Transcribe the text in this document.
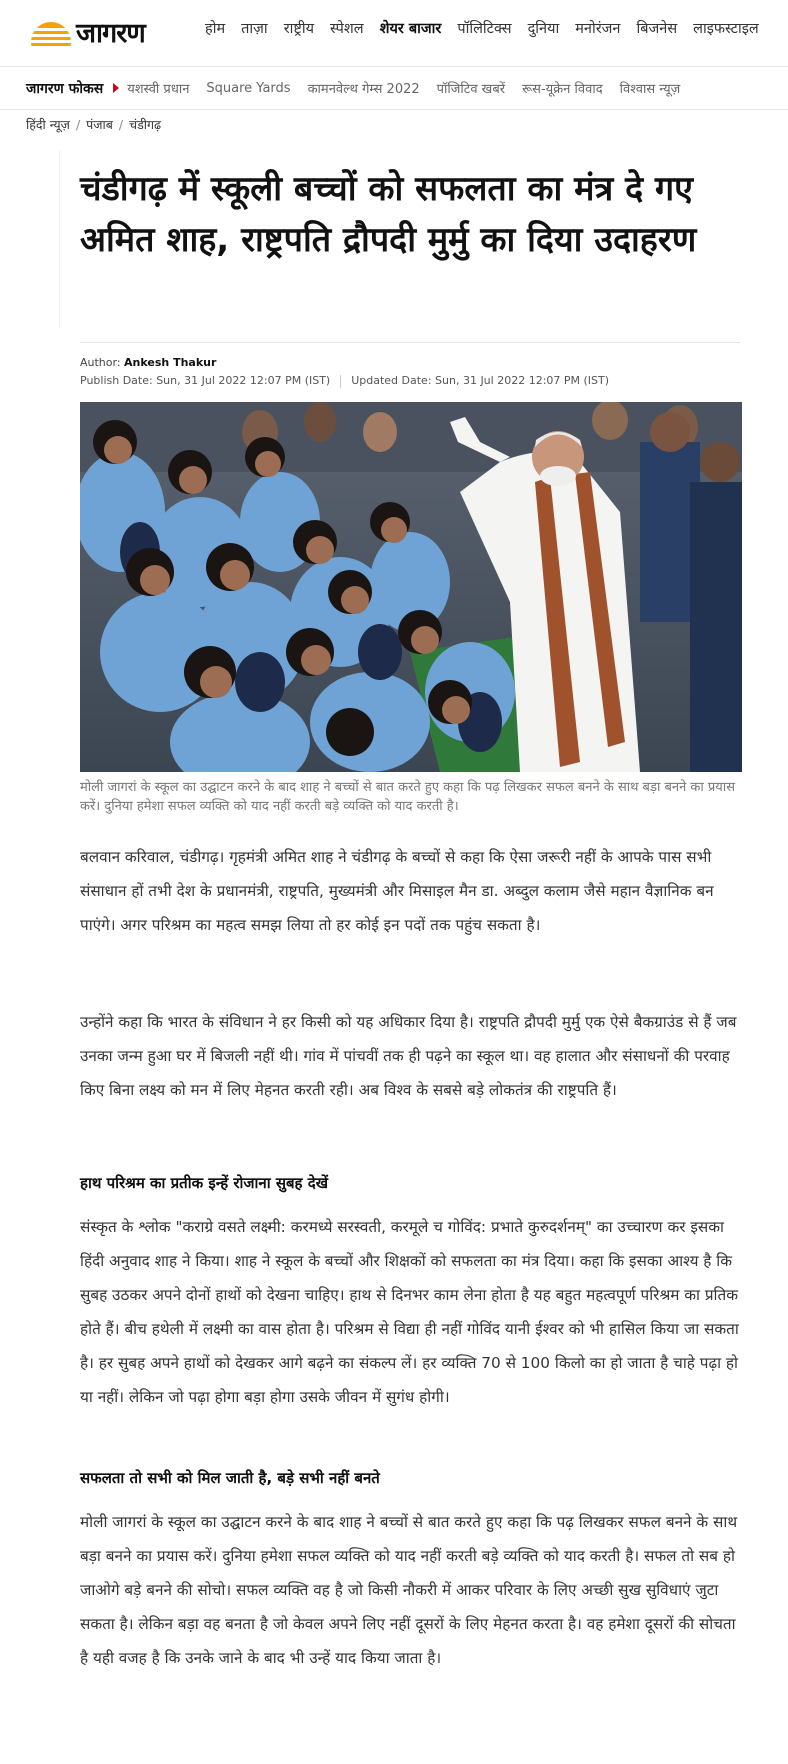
जागरण	होम ताज़ा राष्ट्रीय स्पेशल शेयर बाजार पॉलिटिक्स दुनिया मनोरंजन बिजनेस लाइफस्टाइल
जागरण फोकस यशस्वी प्रधान Square Yards कामनवेल्थ गेम्स 2022 पॉजिटिव खबरें रूस-यूक्रेन विवाद विश्वास न्यूज़
हिंदी न्यूज़ / पंजाब / चंडीगढ़
चंडीगढ़ में स्कूली बच्चों को सफलता का मंत्र दे गए अमित शाह, राष्ट्रपति द्रौपदी मुर्मु का दिया उदाहरण
Author: Ankesh Thakur
Publish Date: Sun, 31 Jul 2022 12:07 PM (IST) Updated Date: Sun, 31 Jul 2022 12:07 PM (IST)
मोली जागरां के स्कूल का उद्घाटन करने के बाद शाह ने बच्चों से बात करते हुए कहा कि पढ़ लिखकर सफल बनने के साथ बड़ा बनने का प्रयास करें। दुनिया हमेशा सफल व्यक्ति को याद नहीं करती बड़े व्यक्ति को याद करती है।

बलवान करिवाल, चंडीगढ़। गृहमंत्री अमित शाह ने चंडीगढ़ के बच्चों से कहा कि ऐसा जरूरी नहीं के आपके पास सभी संसाधान हों तभी देश के प्रधानमंत्री, राष्ट्रपति, मुख्यमंत्री और मिसाइल मैन डा. अब्दुल कलाम जैसे महान वैज्ञानिक बन पाएंगे। अगर परिश्रम का महत्व समझ लिया तो हर कोई इन पदों तक पहुंच सकता है।

उन्होंने कहा कि भारत के संविधान ने हर किसी को यह अधिकार दिया है। राष्ट्रपति द्रौपदी मुर्मु एक ऐसे बैकग्राउंड से हैं जब उनका जन्म हुआ घर में बिजली नहीं थी। गांव में पांचवीं तक ही पढ़ने का स्कूल था। वह हालात और संसाधनों की परवाह किए बिना लक्ष्य को मन में लिए मेहनत करती रही। अब विश्व के सबसे बड़े लोकतंत्र की राष्ट्रपति हैं।

हाथ परिश्रम का प्रतीक इन्हें रोजाना सुबह देखें

संस्कृत के श्लोक "कराग्रे वसते लक्ष्मी: करमध्ये सरस्वती, करमूले च गोविंद: प्रभाते कुरुदर्शनम्" का उच्चारण कर इसका हिंदी अनुवाद शाह ने किया। शाह ने स्कूल के बच्चों और शिक्षकों को सफलता का मंत्र दिया। कहा कि इसका आश्य है कि सुबह उठकर अपने दोनों हाथों को देखना चाहिए। हाथ से दिनभर काम लेना होता है यह बहुत महत्वपूर्ण परिश्रम का प्रतिक होते हैं। बीच हथेली में लक्ष्मी का वास होता है। परिश्रम से विद्या ही नहीं गोविंद यानी ईश्वर को भी हासिल किया जा सकता है। हर सुबह अपने हाथों को देखकर आगे बढ़ने का संकल्प लें। हर व्यक्ति 70 से 100 किलो का हो जाता है चाहे पढ़ा हो या नहीं। लेकिन जो पढ़ा होगा बड़ा होगा उसके जीवन में सुगंध होगी।

सफलता तो सभी को मिल जाती है, बड़े सभी नहीं बनते

मोली जागरां के स्कूल का उद्घाटन करने के बाद शाह ने बच्चों से बात करते हुए कहा कि पढ़ लिखकर सफल बनने के साथ बड़ा बनने का प्रयास करें। दुनिया हमेशा सफल व्यक्ति को याद नहीं करती बड़े व्यक्ति को याद करती है। सफल तो सब हो जाओगे बड़े बनने की सोचो। सफल व्यक्ति वह है जो किसी नौकरी में आकर परिवार के लिए अच्छी सुख सुविधाएं जुटा सकता है। लेकिन बड़ा वह बनता है जो केवल अपने लिए नहीं दूसरों के लिए मेहनत करता है। वह हमेशा दूसरों की सोचता है यही वजह है कि उनके जाने के बाद भी उन्हें याद किया जाता है।
